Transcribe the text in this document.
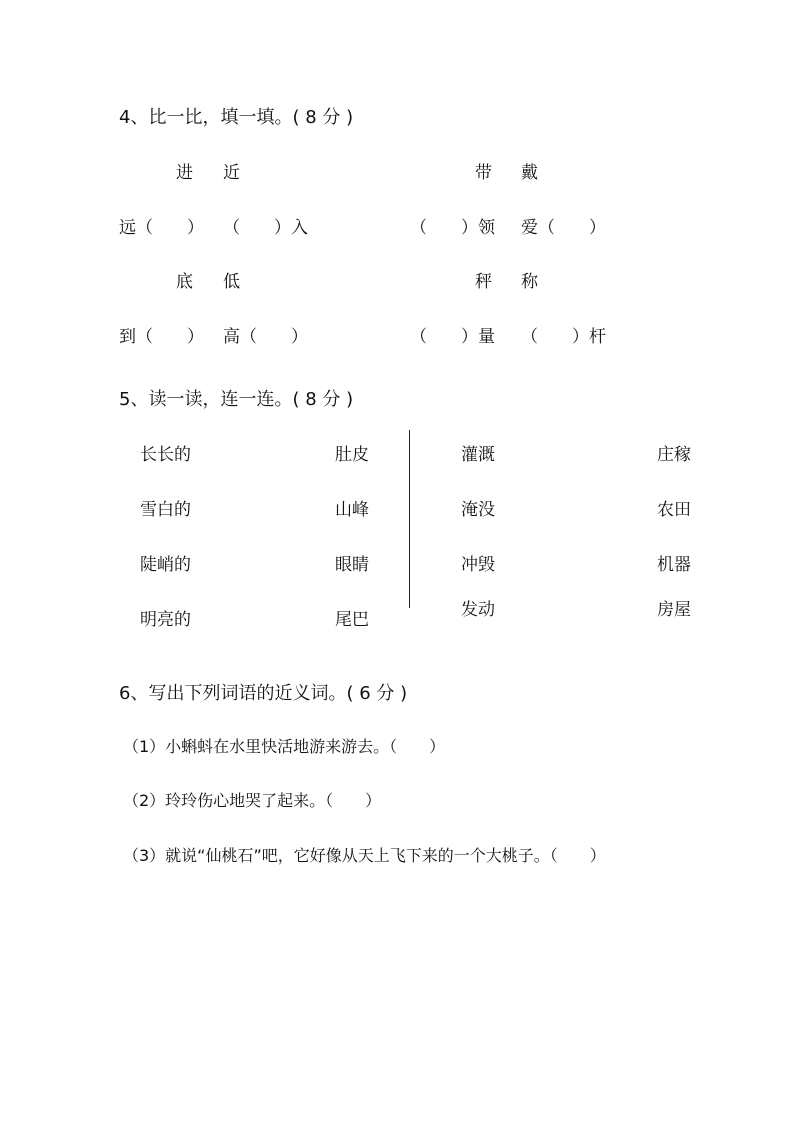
4、比一比，填一填。( 8 分 )
进 近	带 戴
远（　　） （　　）入	（　　）领 爱（　　）
底 低	秤 称
到（　　） 高（　　）	（　　）量 （　　）杆
5、读一读，连一连。( 8 分 )
长长的	肚皮
雪白的	山峰
陡峭的	眼睛
明亮的	尾巴
灌溉	庄稼
淹没	农田
冲毁	机器
发动	房屋
6、写出下列词语的近义词。( 6 分 )
（1）小蝌蚪在水里快活地游来游去。（　　）
（2）玲玲伤心地哭了起来。（　　）
（3）就说“仙桃石”吧，它好像从天上飞下来的一个大桃子。（　　）
